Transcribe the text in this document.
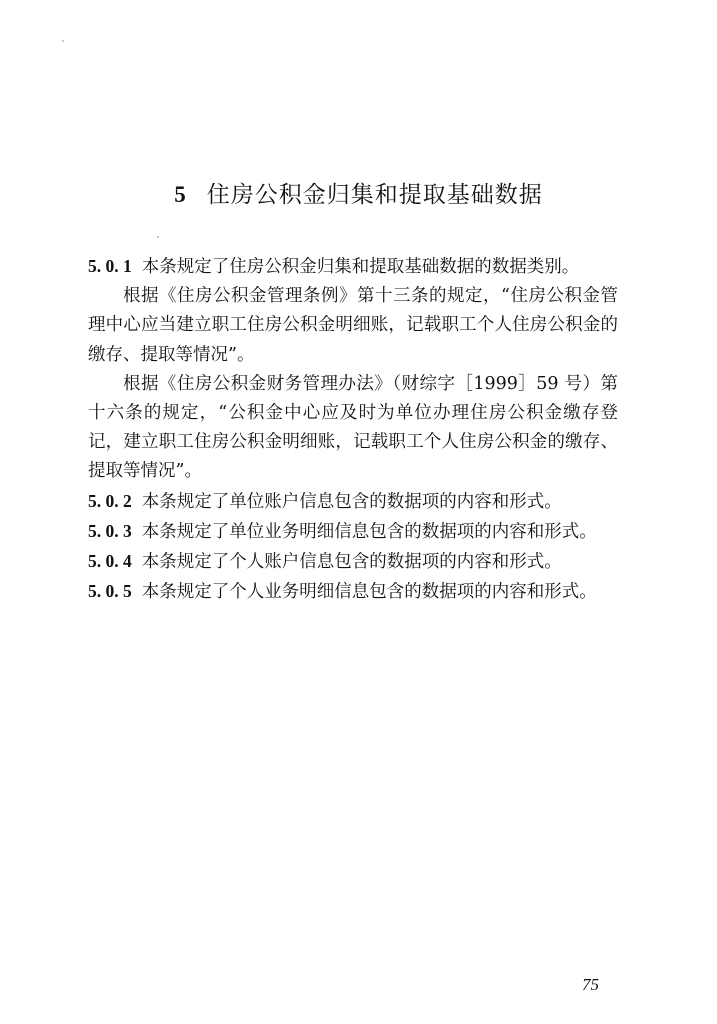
5 住房公积金归集和提取基础数据

5. 0. 1 本条规定了住房公积金归集和提取基础数据的数据类别。

根据《住房公积金管理条例》第十三条的规定，“住房公积金管理中心应当建立职工住房公积金明细账，记载职工个人住房公积金的缴存、提取等情况”。

根据《住房公积金财务管理办法》（财综字［1999］59 号）第十六条的规定，“公积金中心应及时为单位办理住房公积金缴存登记，建立职工住房公积金明细账，记载职工个人住房公积金的缴存、提取等情况”。

5. 0. 2 本条规定了单位账户信息包含的数据项的内容和形式。

5. 0. 3 本条规定了单位业务明细信息包含的数据项的内容和形式。

5. 0. 4 本条规定了个人账户信息包含的数据项的内容和形式。

5. 0. 5 本条规定了个人业务明细信息包含的数据项的内容和形式。

75
